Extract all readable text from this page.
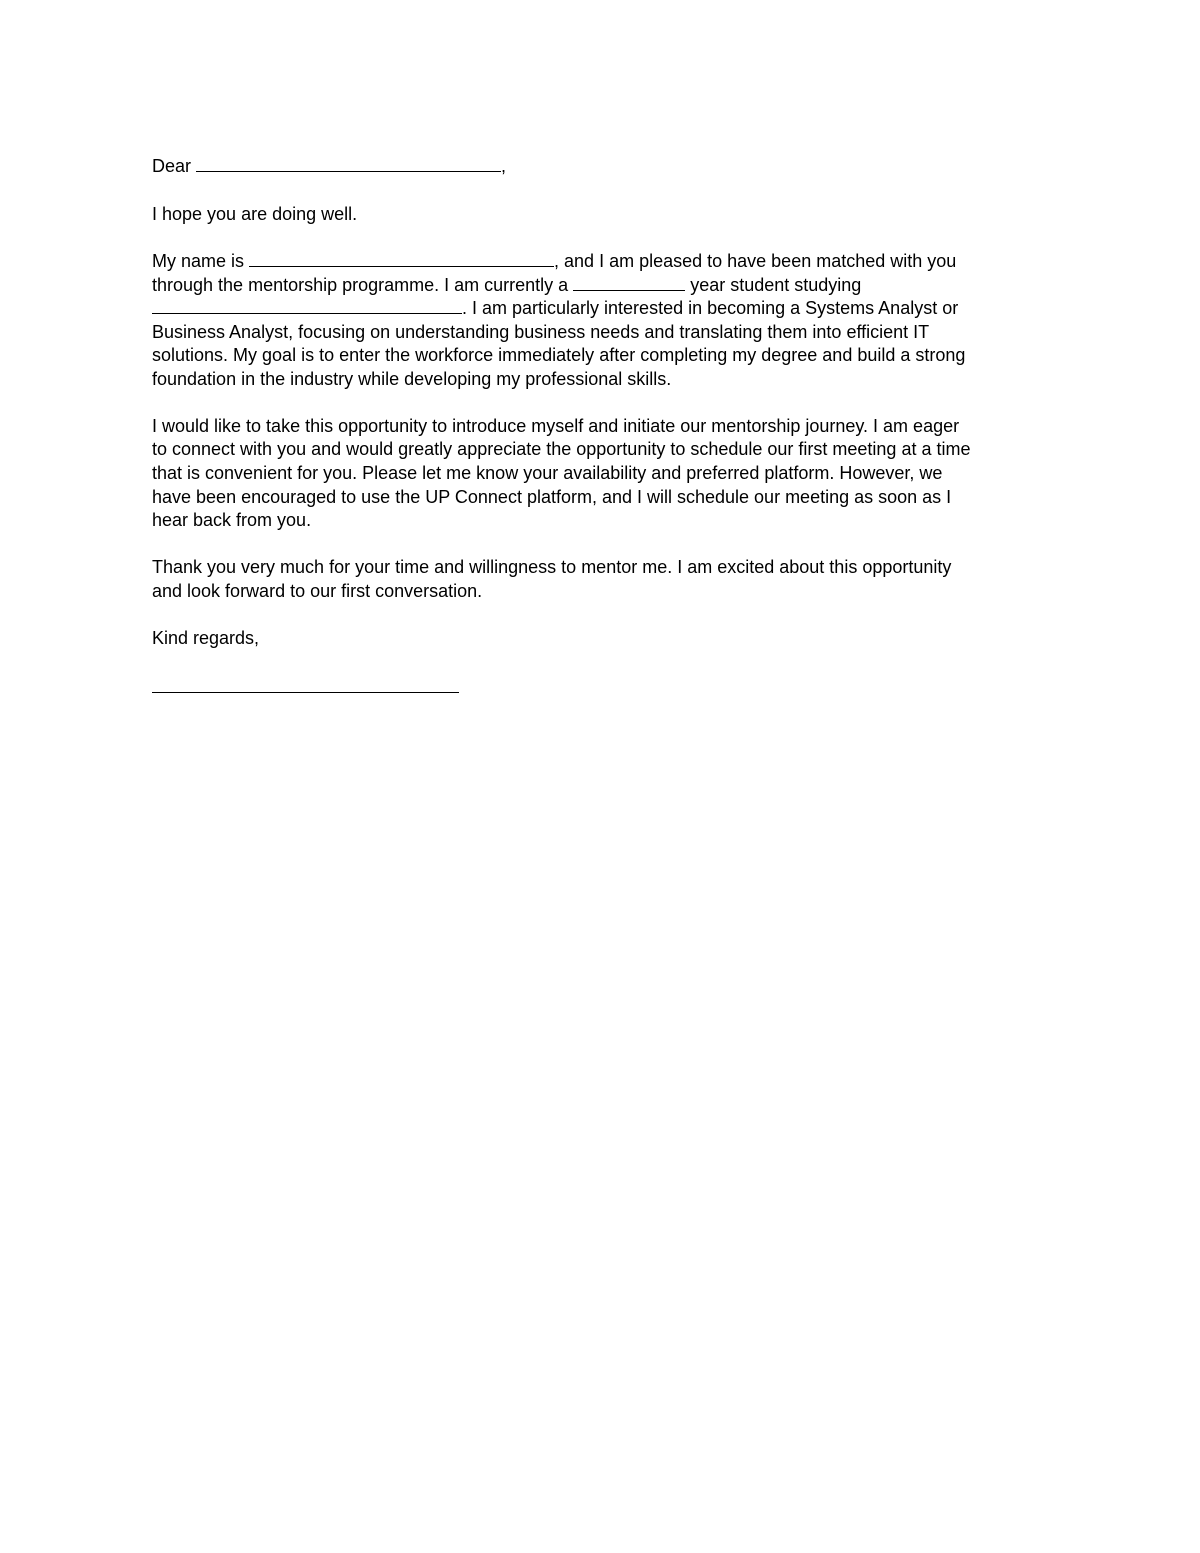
Dear	,
I hope you are doing well.
My name is	, and I am pleased to have been matched with you
through the mentorship programme. I am currently a	year student studying
. I am particularly interested in becoming a Systems Analyst or
Business Analyst, focusing on understanding business needs and translating them into efficient IT
solutions. My goal is to enter the workforce immediately after completing my degree and build a strong
foundation in the industry while developing my professional skills.
I would like to take this opportunity to introduce myself and initiate our mentorship journey. I am eager
to connect with you and would greatly appreciate the opportunity to schedule our first meeting at a time
that is convenient for you. Please let me know your availability and preferred platform. However, we
have been encouraged to use the UP Connect platform, and I will schedule our meeting as soon as I
hear back from you.
Thank you very much for your time and willingness to mentor me. I am excited about this opportunity
and look forward to our first conversation.
Kind regards,
